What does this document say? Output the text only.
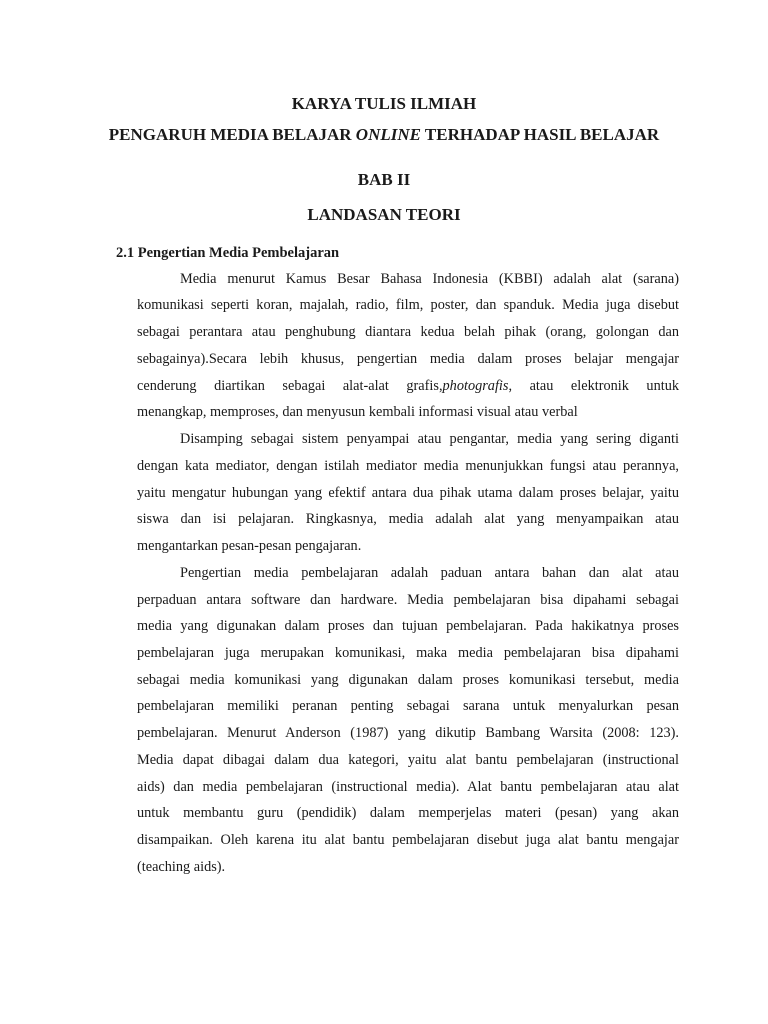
KARYA TULIS ILMIAH
PENGARUH MEDIA BELAJAR ONLINE TERHADAP HASIL BELAJAR
BAB II
LANDASAN TEORI
2.1 Pengertian Media Pembelajaran
Media menurut Kamus Besar Bahasa Indonesia (KBBI) adalah alat (sarana)
komunikasi seperti koran, majalah, radio, film, poster, dan spanduk. Media juga disebut
sebagai perantara atau penghubung diantara kedua belah pihak (orang, golongan dan
sebagainya).Secara lebih khusus, pengertian media dalam proses belajar mengajar
cenderung diartikan sebagai alat-alat grafis,photografis, atau elektronik untuk
menangkap, memproses, dan menyusun kembali informasi visual atau verbal
Disamping sebagai sistem penyampai atau pengantar, media yang sering diganti
dengan kata mediator, dengan istilah mediator media menunjukkan fungsi atau perannya,
yaitu mengatur hubungan yang efektif antara dua pihak utama dalam proses belajar, yaitu
siswa dan isi pelajaran. Ringkasnya, media adalah alat yang menyampaikan atau
mengantarkan pesan-pesan pengajaran.
Pengertian media pembelajaran adalah paduan antara bahan dan alat atau
perpaduan antara software dan hardware. Media pembelajaran bisa dipahami sebagai
media yang digunakan dalam proses dan tujuan pembelajaran. Pada hakikatnya proses
pembelajaran juga merupakan komunikasi, maka media pembelajaran bisa dipahami
sebagai media komunikasi yang digunakan dalam proses komunikasi tersebut, media
pembelajaran memiliki peranan penting sebagai sarana untuk menyalurkan pesan
pembelajaran. Menurut Anderson (1987) yang dikutip Bambang Warsita (2008: 123).
Media dapat dibagai dalam dua kategori, yaitu alat bantu pembelajaran (instructional
aids) dan media pembelajaran (instructional media). Alat bantu pembelajaran atau alat
untuk membantu guru (pendidik) dalam memperjelas materi (pesan) yang akan
disampaikan. Oleh karena itu alat bantu pembelajaran disebut juga alat bantu mengajar
(teaching aids).
